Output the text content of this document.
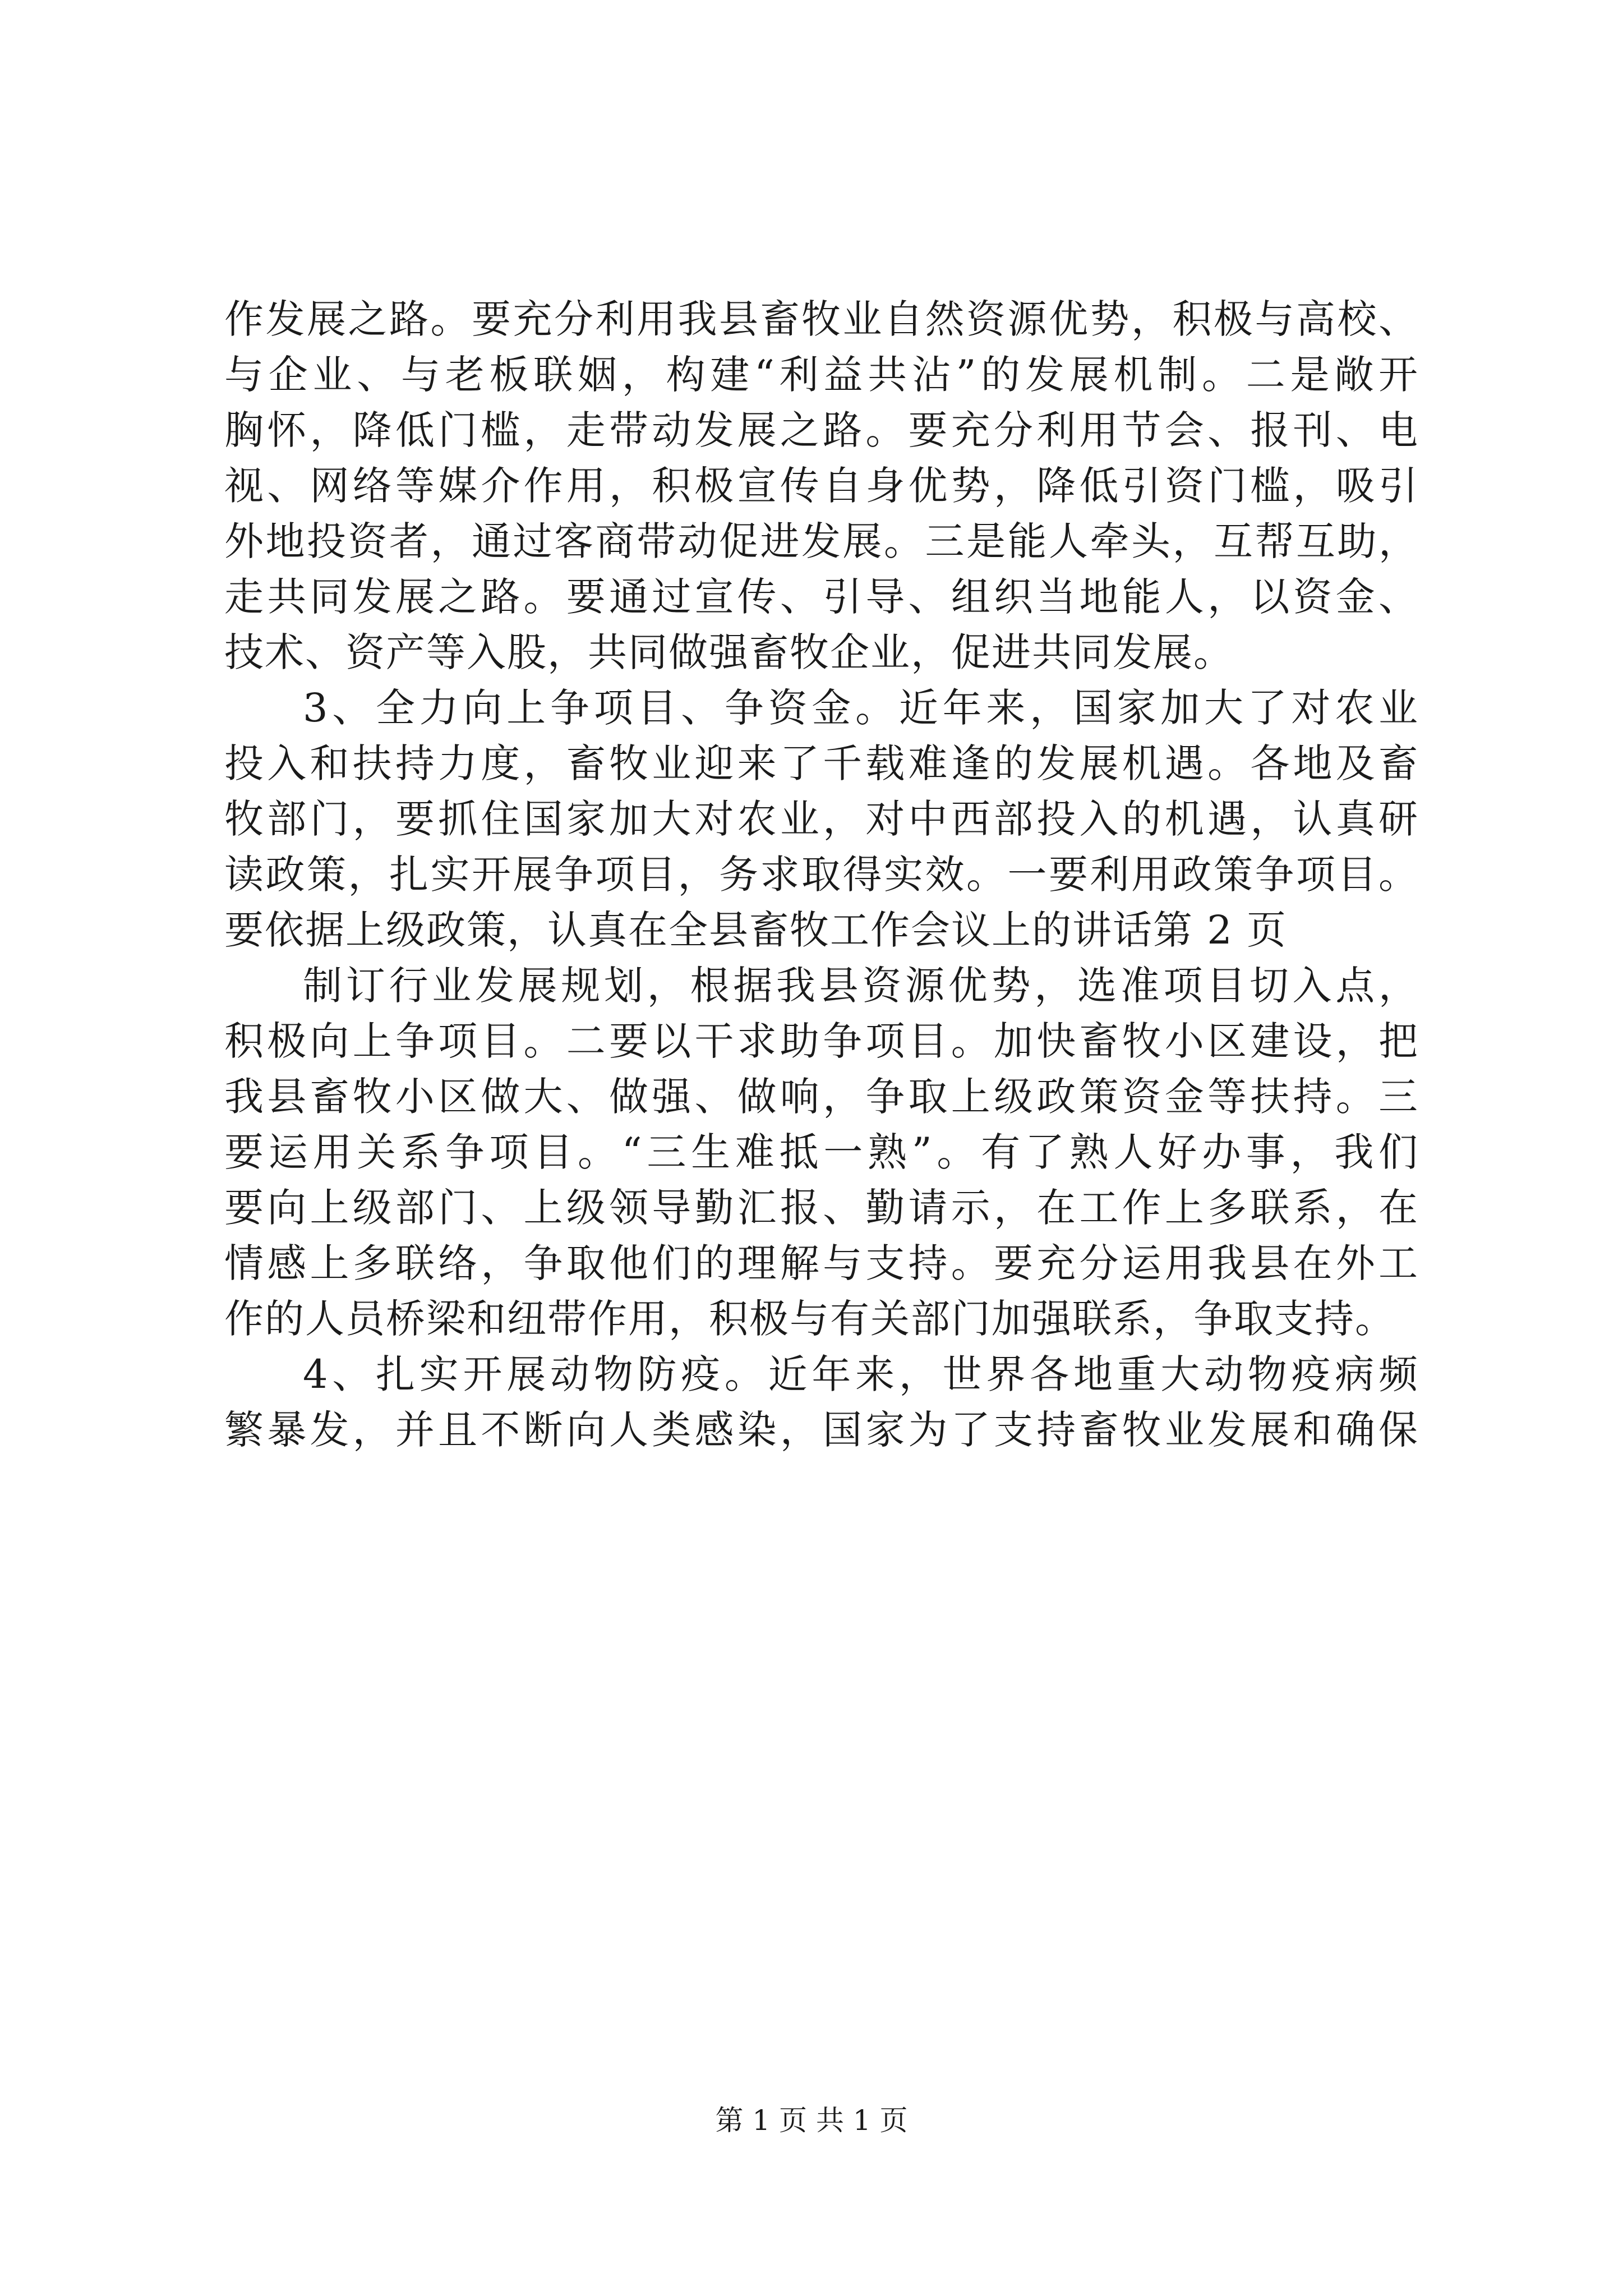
作发展之路。要充分利用我县畜牧业自然资源优势，积极与高校、

与企业、与老板联姻，构建“利益共沾”的发展机制。二是敞开

胸怀，降低门槛，走带动发展之路。要充分利用节会、报刊、电

视、网络等媒介作用，积极宣传自身优势，降低引资门槛，吸引

外地投资者，通过客商带动促进发展。三是能人牵头，互帮互助，

走共同发展之路。要通过宣传、引导、组织当地能人，以资金、

技术、资产等入股，共同做强畜牧企业，促进共同发展。

3、全力向上争项目、争资金。近年来，国家加大了对农业

投入和扶持力度，畜牧业迎来了千载难逢的发展机遇。各地及畜

牧部门，要抓住国家加大对农业，对中西部投入的机遇，认真研

读政策，扎实开展争项目，务求取得实效。一要利用政策争项目。

要依据上级政策，认真在全县畜牧工作会议上的讲话第 2 页

制订行业发展规划，根据我县资源优势，选准项目切入点，

积极向上争项目。二要以干求助争项目。加快畜牧小区建设，把

我县畜牧小区做大、做强、做响，争取上级政策资金等扶持。三

要运用关系争项目。“三生难抵一熟”。有了熟人好办事，我们

要向上级部门、上级领导勤汇报、勤请示，在工作上多联系，在

情感上多联络，争取他们的理解与支持。要充分运用我县在外工

作的人员桥梁和纽带作用，积极与有关部门加强联系，争取支持。

4、扎实开展动物防疫。近年来，世界各地重大动物疫病频

繁暴发，并且不断向人类感染，国家为了支持畜牧业发展和确保

第 1 页 共 1 页
